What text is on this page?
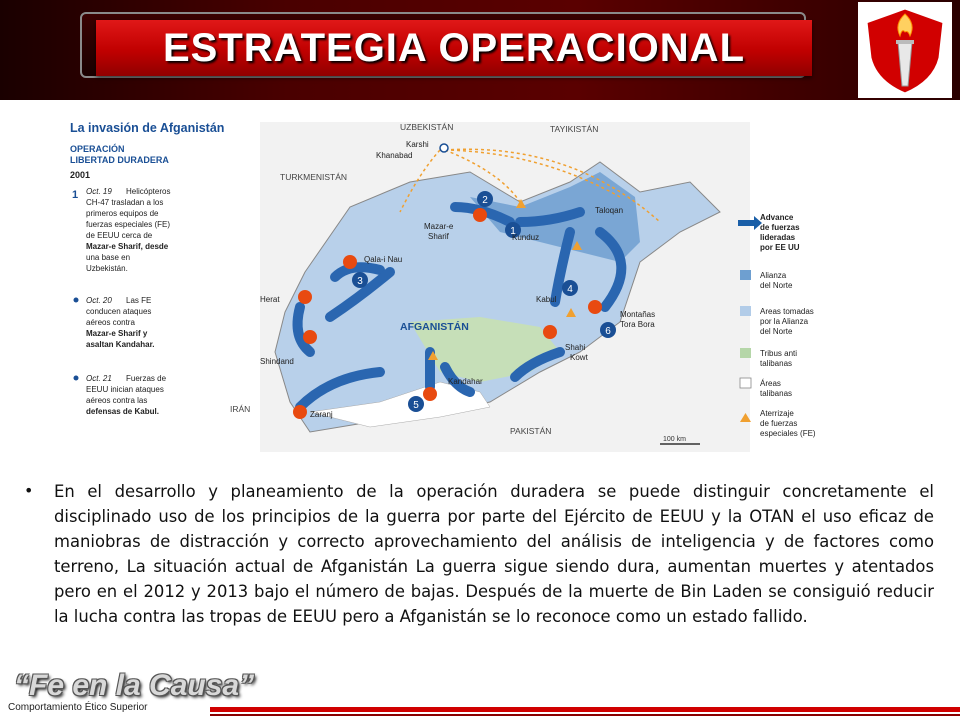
ESTRATEGIA OPERACIONAL
2
1
3
4
6
5
La invasión de Afganistán
OPERACIÓN
LIBERTAD DURADERA
2001
1 Oct. 19 Helicópteros
CH-47 trasladan a los
primeros equipos de
fuerzas especiales (FE)
de EEUU cerca de
Mazar-e Sharif, desde
una base en
Uzbekistán.
Oct. 20 Las FE
conducen ataques
aéreos contra
Mazar-e Sharif y
asaltan Kandahar.
Oct. 21 Fuerzas de
EEUU inician ataques
aéreos contra las
defensas de Kabul.
UZBEKISTÁN	TAYIKISTÁN
TURKMENISTÁN
IRÁN
PAKISTÁN
AFGANISTÁN
Karshi
Khanabad
Mazar-e
Sharif	Kunduz
Taloqan
Qala-i Nau
Herat	Kabul
Montañas
Tora Bora
Shindand
Shahi
Kowt
Kandahar
Zaranj
Advance
de fuerzas
lideradas
por EE UU
Alianza
del Norte
Areas tomadas
por la Alianza
del Norte
Tribus anti
talibanas
Áreas
talibanas
Aterrizaje
de fuerzas
especiales (FE)
100 km
• En el desarrollo y planeamiento de la operación duradera se puede distinguir concretamente el disciplinado uso de los principios de la guerra por parte del Ejército de EEUU y la OTAN el uso eficaz de maniobras de distracción y correcto aprovechamiento del análisis de inteligencia y de factores como terreno, La situación actual de Afganistán La guerra sigue siendo dura, aumentan muertes y atentados pero en el 2012 y 2013 bajo el número de bajas. Después de la muerte de Bin Laden se consiguió reducir la lucha contra las tropas de EEUU pero a Afganistán se lo reconoce como un estado fallido.
“Fe en la Causa”
Comportamiento Ético Superior
